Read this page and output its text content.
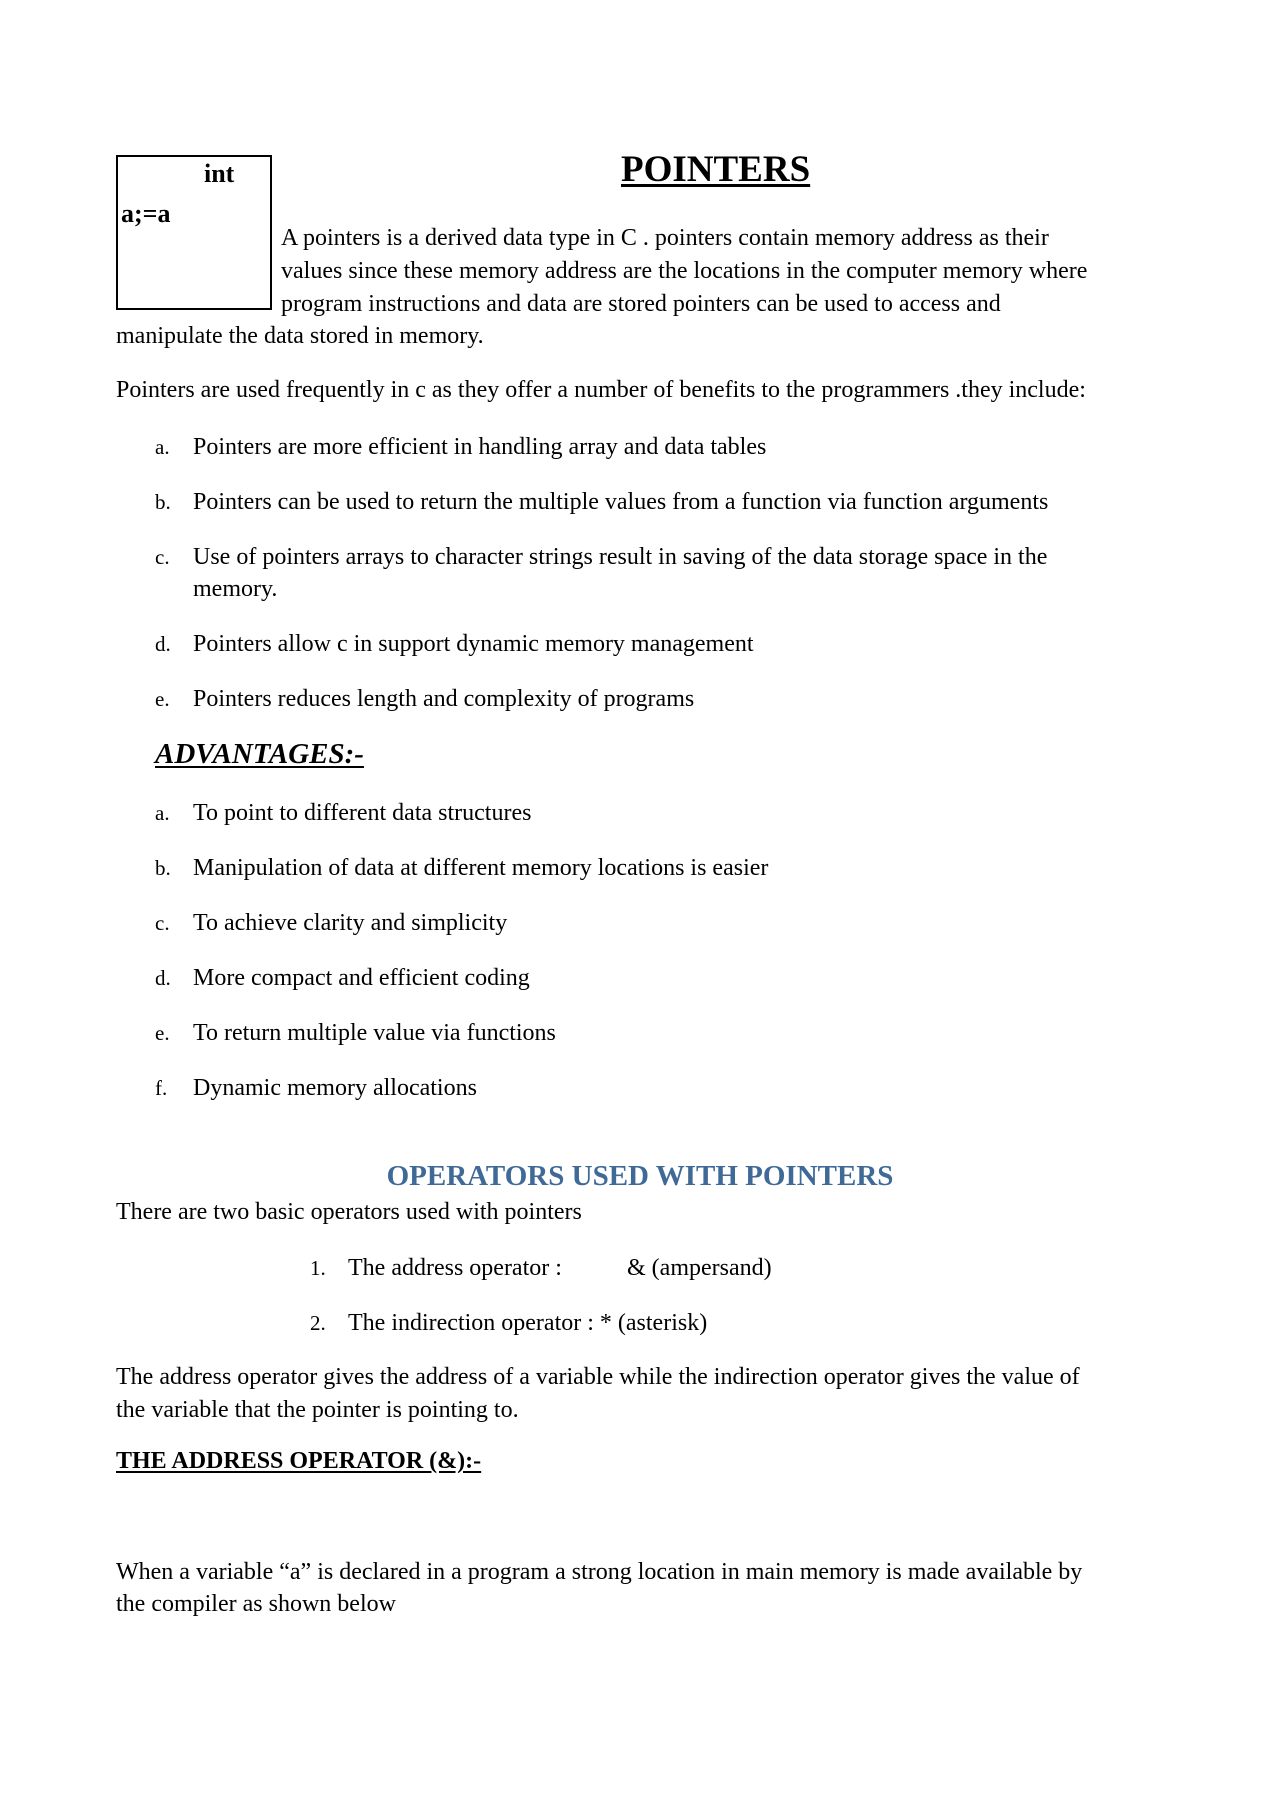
int
a;=a
POINTERS

A pointers is a derived data type in C . pointers contain memory address as their

values since these memory address are the locations in the computer memory where

program instructions and data are stored pointers can be used to access and

manipulate the data stored in memory.

Pointers are used frequently in c as they offer a number of benefits to the programmers .they include:

a. Pointers are more efficient in handling array and data tables
b. Pointers can be used to return the multiple values from a function via function arguments
c. Use of pointers arrays to character strings result in saving of the data storage space in the
memory.
d. Pointers allow c in support dynamic memory management
e. Pointers reduces length and complexity of programs
ADVANTAGES:-
a. To point to different data structures
b. Manipulation of data at different memory locations is easier
c. To achieve clarity and simplicity
d. More compact and efficient coding
e. To return multiple value via functions
f. Dynamic memory allocations
OPERATORS USED WITH POINTERS

There are two basic operators used with pointers

1. The address operator :	& (ampersand)
2. The indirection operator : * (asterisk)

The address operator gives the address of a variable while the indirection operator gives the value of

the variable that the pointer is pointing to.

THE ADDRESS OPERATOR (&):-

When a variable “a” is declared in a program a strong location in main memory is made available by

the compiler as shown below
